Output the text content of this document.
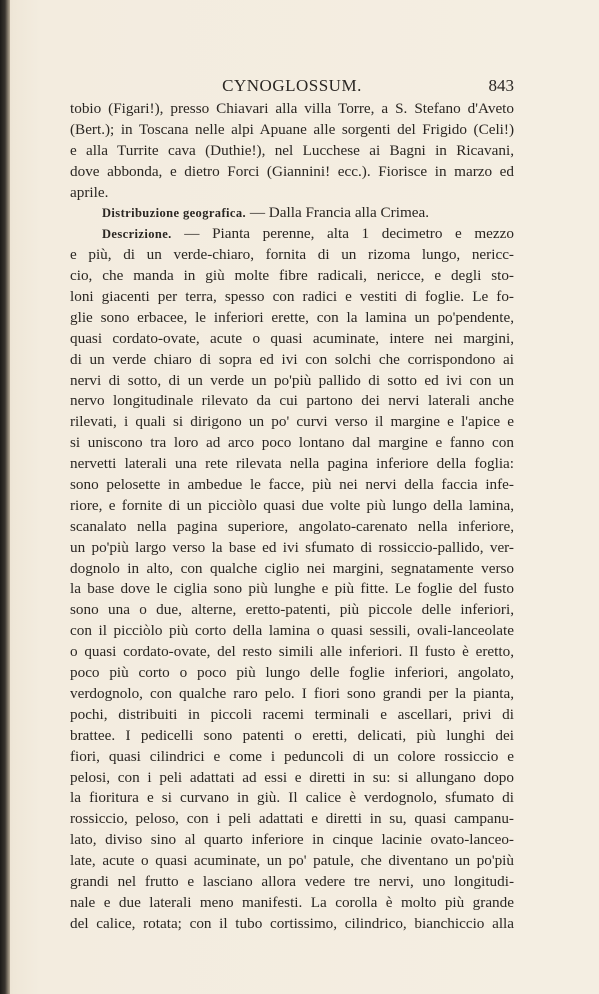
CYNOGLOSSUM.	843
tobio (Figari!), presso Chiavari alla villa Torre, a S. Stefano d'Aveto
(Bert.); in Toscana nelle alpi Apuane alle sorgenti del Frigido (Celi!)
e alla Turrite cava (Duthie!), nel Lucchese ai Bagni in Ricavani,
dove abbonda, e dietro Forci (Giannini! ecc.). Fiorisce in marzo ed
aprile.
Distribuzione geografica. — Dalla Francia alla Crimea.
Descrizione. — Pianta perenne, alta 1 decimetro e mezzo
e più, di un verde-chiaro, fornita di un rizoma lungo, nericc-
cio, che manda in giù molte fibre radicali, nericce, e degli sto-
loni giacenti per terra, spesso con radici e vestiti di foglie. Le fo-
glie sono erbacee, le inferiori erette, con la lamina un po'pendente,
quasi cordato-ovate, acute o quasi acuminate, intere nei margini,
di un verde chiaro di sopra ed ivi con solchi che corrispondono ai
nervi di sotto, di un verde un po'più pallido di sotto ed ivi con un
nervo longitudinale rilevato da cui partono dei nervi laterali anche
rilevati, i quali si dirigono un po' curvi verso il margine e l'apice e
si uniscono tra loro ad arco poco lontano dal margine e fanno con
nervetti laterali una rete rilevata nella pagina inferiore della foglia:
sono pelosette in ambedue le facce, più nei nervi della faccia infe-
riore, e fornite di un picciòlo quasi due volte più lungo della lamina,
scanalato nella pagina superiore, angolato-carenato nella inferiore,
un po'più largo verso la base ed ivi sfumato di rossiccio-pallido, ver-
dognolo in alto, con qualche ciglio nei margini, segnatamente verso
la base dove le ciglia sono più lunghe e più fitte. Le foglie del fusto
sono una o due, alterne, eretto-patenti, più piccole delle inferiori,
con il picciòlo più corto della lamina o quasi sessili, ovali-lanceolate
o quasi cordato-ovate, del resto simili alle inferiori. Il fusto è eretto,
poco più corto o poco più lungo delle foglie inferiori, angolato,
verdognolo, con qualche raro pelo. I fiori sono grandi per la pianta,
pochi, distribuiti in piccoli racemi terminali e ascellari, privi di
brattee. I pedicelli sono patenti o eretti, delicati, più lunghi dei
fiori, quasi cilindrici e come i peduncoli di un colore rossiccio e
pelosi, con i peli adattati ad essi e diretti in su: si allungano dopo
la fioritura e si curvano in giù. Il calice è verdognolo, sfumato di
rossiccio, peloso, con i peli adattati e diretti in su, quasi campanu-
lato, diviso sino al quarto inferiore in cinque lacinie ovato-lanceo-
late, acute o quasi acuminate, un po' patule, che diventano un po'più
grandi nel frutto e lasciano allora vedere tre nervi, uno longitudi-
nale e due laterali meno manifesti. La corolla è molto più grande
del calice, rotata; con il tubo cortissimo, cilindrico, bianchiccio alla
